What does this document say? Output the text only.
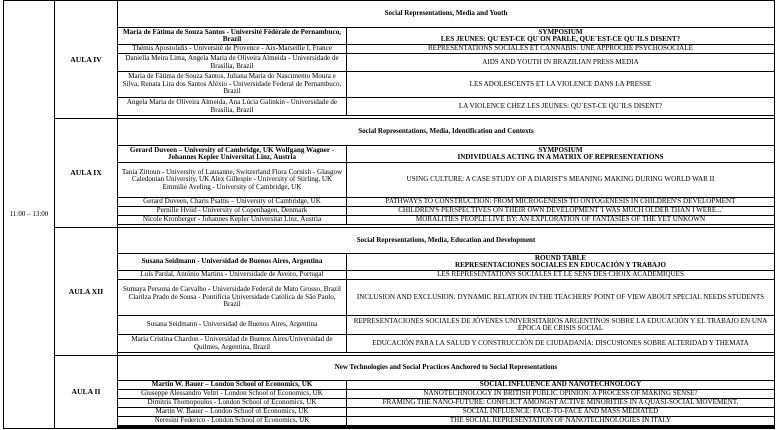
11:00 – 13:00	AULA IV	Social Representations, Media and Youth	
		Maria de Fátima de Souza Santos - Université Fédérale de Pernambuco, Brazil	SYMPOSIUM
LES JEUNES: QU`EST-CE QU`ON PARLE, QUE`EST-CE QU`ILS DISENT?

		Thémis Apostolidis - Université de Provence - Aix-Marseille I, France	REPRESENTATIONS SOCIALES ET CANNABIS: UNE APPROCHE PSYCHOSOCIALE
		Daniella Meira Lima, Angela Maria de Oliveira Almeida - Universidade de Brasília, Brazil	AIDS AND YOUTH IN BRAZILIAN PRESS MEDIA
		Maria de Fátima de Souza Santos, Juliana Maria do Nascimento Moura e Silva, Renata Lira dos Santos Aléxio - Universidade Federal de Pernambuco, Brazil	LES ADOLESCENTS ET LA VIOLENCE DANS LA PRESSE
		Angela Maria de Oliveira Almeida, Ana Lúcia Galinkin - Universidade de Brasília, Brazil	LA VIOLENCE CHEZ LES JEUNES: QU`EST-CE QU`ILS DISENT?

	AULA IX	Social Representations, Media, Identification and Contexts	
		Gerard Duveen – University of Cambridge, UK Wolfgang Wagner - Johannes Kepler Universitat Linz, Austria	SYMPOSIUM
INDIVIDUALS ACTING IN A MATRIX OF REPRESENTATIONS

		Tania Zittoun - University of Lausanne, Switzerland Flora Cornish - Glasgow Caledonian University, UK Alex Gillespie - University of Stirling, UK Emmilie Aveling - University of Cambridge, UK	USING CULTURE: A CASE STUDY OF A DIARIST'S MEANING MAKING DURING WORLD WAR II
		Gerard Duveen, Charis Psaltis – University of Cambridge, UK	PATHWAYS TO CONSTRUCTION: FROM MICROGENESIS TO ONTOGENESIS IN CHILDREN'S DEVELOPMENT
		Pernille Hviid - University of Copenhagen, Denmark	CHILDREN'S PERSPECTIVES ON THEIR OWN DEVELOPMENT 'I WAS MUCH OLDER THAN I WERE...'
		Nicole Kronberger - Johannes Kepler Universitat Linz, Austria	MORALITIES PEOPLE LIVE BY: AN EXPLORATION OF FANTASIES OF THE YET UNKOWN

	AULA XII	Social Representations, Media, Education and Development	
		Susana Seidmann - Universidad de Buenos Aires, Argentina	ROUND TABLE
REPRESENTACIONES SOCIALES EN EDUCACIÓN Y TRABAJO

		Luís Pardal, António Martins - Universidade de Aveiro, Portugal	LES REPRESENTATIONS SOCIALES ET LE SENS DES CHOIX ACADEMIQUES
		Sumaya Persona de Carvalho - Universidade Federal de Mato Grosso, Brazil Clarilza Prado de Sousa - Pontifícia Universidade Católica de São Paulo, Brazil	INCLUSION AND EXCLUSION: DYNAMIC RELATION IN THE TEACHERS' POINT OF VIEW ABOUT SPECIAL NEEDS STUDENTS
		Susana Seidmann - Universidad de Buenos Aires, Argentina	REPRESENTACIONES SOCIALES DE JÓVENES UNIVERSITARIOS ARGENTINOS SOBRE LA EDUCACIÓN Y EL TRABAJO EN UNA ÉPOCA DE CRISIS SOCIAL
		Maria Cristina Chardon - Universidad de Buenos Aires/Universidad de Quilmes, Argentina, Brazil	EDUCACIÓN PARA LA SALUD Y CONSTRUCCIÓN DE CIUDADANÍA: DISCUSIONES SOBRE ALTERIDAD Y THEMATA

	AULA II	New Technologies and Social Practices Anchored to Social Representations	
		Martin W. Bauer – London School of Economics, UK	SOCIAL INFLUENCE AND NANOTECHNOLOGY

		Giuseppe Alessandro Veltri - London School of Economics, UK	NANOTECHNOLOGY IN BRITISH PUBLIC OPINION: A PROCESS OF MAKING SENSE?
		Dimitris Thomopoulos - London School of Economics, UK	FRAMING THE NANO-FUTURE: CONFLICT AMONGST ACTIVE MINORITIES IN A QUASI-SOCIAL MOVEMENT.
		Martin W. Bauer – London School of Economics, UK	SOCIAL INFLUENCE: FACE-TO-FACE AND MASS MEDIATED
		Neresini Federico - London School of Economics, UK	THE SOCIAL REPRESENTATION OF NANOTECHNOLOGIES IN ITALY
